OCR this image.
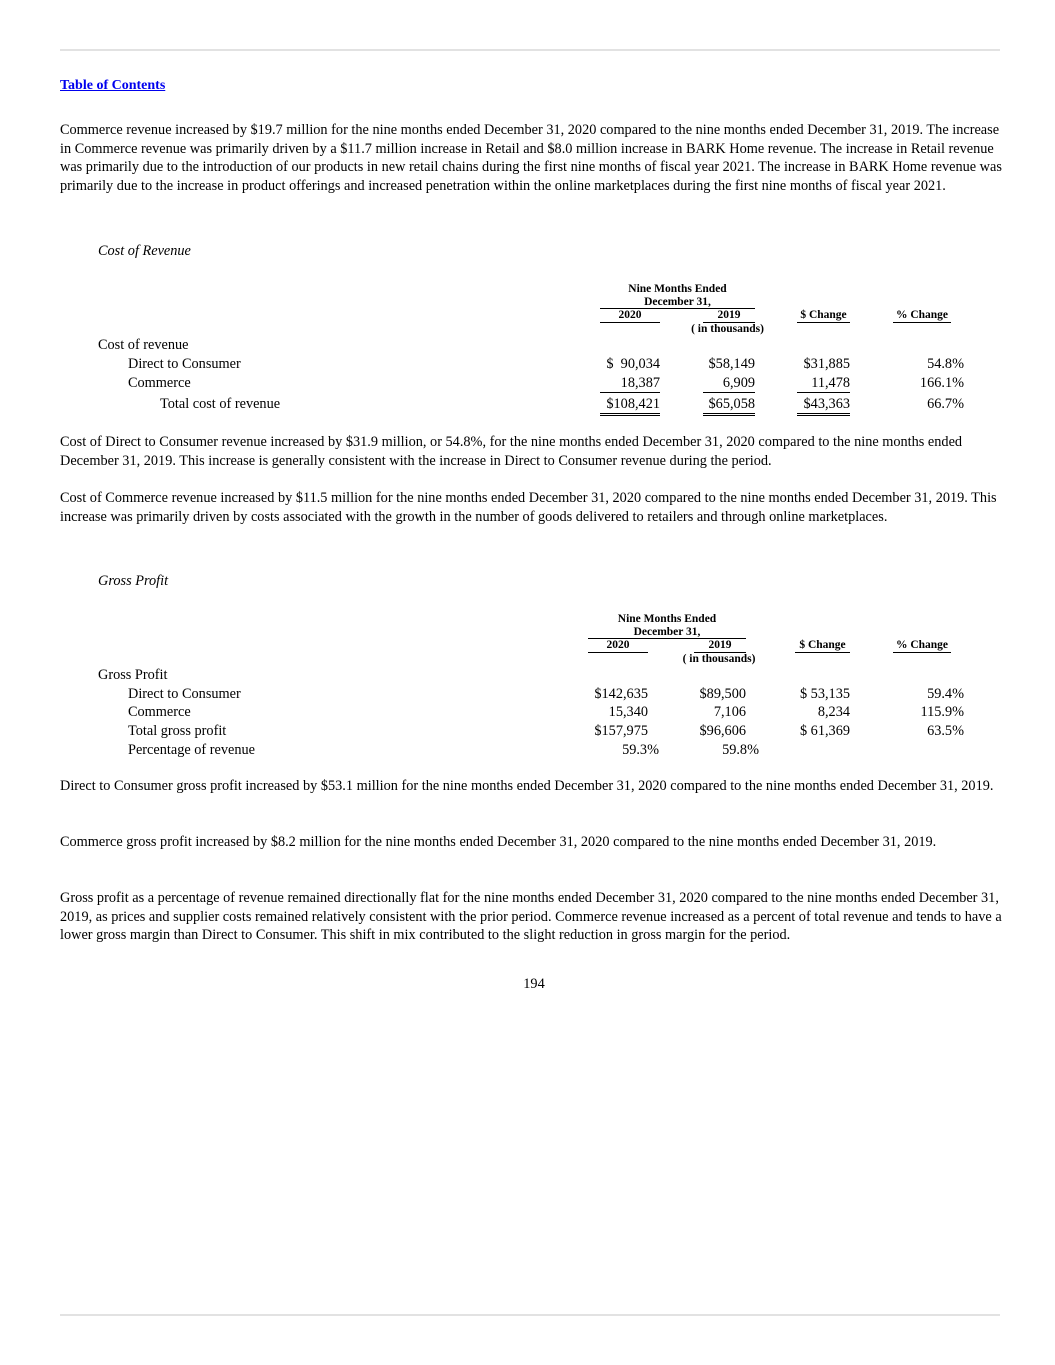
Table of Contents

Commerce revenue increased by $19.7 million for the nine months ended December 31, 2020 compared to the nine months ended December 31, 2019. The increase in Commerce revenue was primarily driven by a $11.7 million increase in Retail and $8.0 million increase in BARK Home revenue. The increase in Retail revenue was primarily due to the introduction of our products in new retail chains during the first nine months of fiscal year 2021. The increase in BARK Home revenue was primarily due to the increase in product offerings and increased penetration within the online marketplaces during the first nine months of fiscal year 2021.

Cost of Revenue
Nine Months Ended
December 31,
2020	2019	$ Change	% Change
( in thousands)
Cost of revenue
Direct to Consumer	$  90,034	$58,149	$31,885	54.8%
Commerce	18,387	6,909	11,478	166.1%
Total cost of revenue	$108,421	$65,058	$43,363	66.7%

Cost of Direct to Consumer revenue increased by $31.9 million, or 54.8%, for the nine months ended December 31, 2020 compared to the nine months ended December 31, 2019. This increase is generally consistent with the increase in Direct to Consumer revenue during the period.

Cost of Commerce revenue increased by $11.5 million for the nine months ended December 31, 2020 compared to the nine months ended December 31, 2019. This increase was primarily driven by costs associated with the growth in the number of goods delivered to retailers and through online marketplaces.

Gross Profit
Nine Months Ended
December 31,
2020	2019	$ Change	% Change
( in thousands)
Gross Profit
Direct to Consumer	$142,635	$89,500	$ 53,135	59.4%
Commerce	15,340	7,106	8,234	115.9%
Total gross profit	$157,975	$96,606	$ 61,369	63.5%
Percentage of revenue	59.3%	59.8%

Direct to Consumer gross profit increased by $53.1 million for the nine months ended December 31, 2020 compared to the nine months ended December 31, 2019.

Commerce gross profit increased by $8.2 million for the nine months ended December 31, 2020 compared to the nine months ended December 31, 2019.

Gross profit as a percentage of revenue remained directionally flat for the nine months ended December 31, 2020 compared to the nine months ended December 31, 2019, as prices and supplier costs remained relatively consistent with the prior period. Commerce revenue increased as a percent of total revenue and tends to have a lower gross margin than Direct to Consumer. This shift in mix contributed to the slight reduction in gross margin for the period.

194
